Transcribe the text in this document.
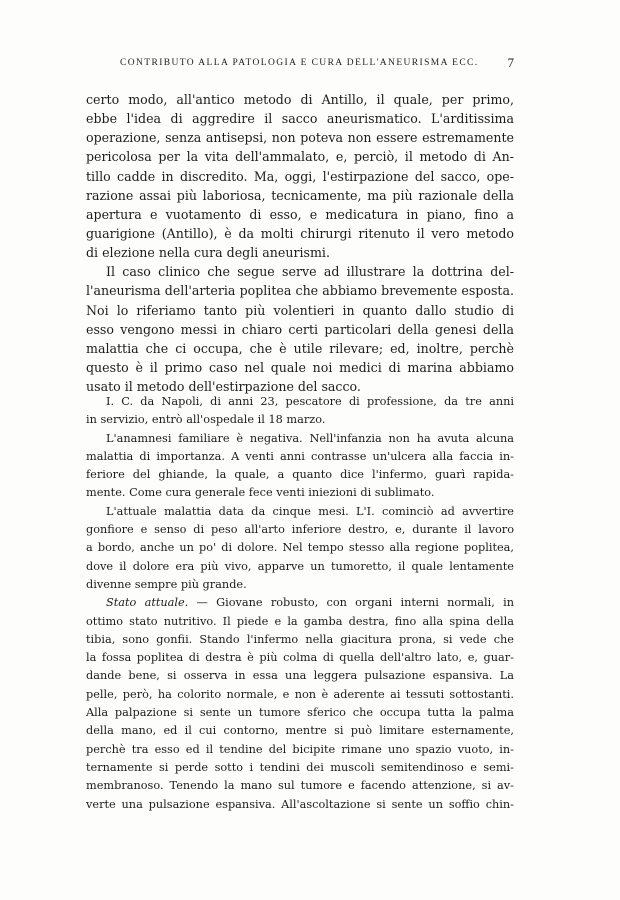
CONTRIBUTO ALLA PATOLOGIA E CURA DELL'ANEURISMA ECC. 7
certo modo, all'antico metodo di Antillo, il quale, per primo,
ebbe l'idea di aggredire il sacco aneurismatico. L'arditissima
operazione, senza antisepsi, non poteva non essere estremamente
pericolosa per la vita dell'ammalato, e, perciò, il metodo di An-
tillo cadde in discredito. Ma, oggi, l'estirpazione del sacco, ope-
razione assai più laboriosa, tecnicamente, ma più razionale della
apertura e vuotamento di esso, e medicatura in piano, fino a
guarigione (Antillo), è da molti chirurgi ritenuto il vero metodo
di elezione nella cura degli aneurismi.
Il caso clinico che segue serve ad illustrare la dottrina del-
l'aneurisma dell'arteria poplitea che abbiamo brevemente esposta.
Noi lo riferiamo tanto più volentieri in quanto dallo studio di
esso vengono messi in chiaro certi particolari della genesi della
malattia che ci occupa, che è utile rilevare; ed, inoltre, perchè
questo è il primo caso nel quale noi medici di marina abbiamo
usato il metodo dell'estirpazione del sacco.
I. C. da Napoli, di anni 23, pescatore di professione, da tre anni
in servizio, entrò all'ospedale il 18 marzo.
L'anamnesi familiare è negativa. Nell'infanzia non ha avuta alcuna
malattia di importanza. A venti anni contrasse un'ulcera alla faccia in-
feriore del ghiande, la quale, a quanto dice l'infermo, guarì rapida-
mente. Come cura generale fece venti iniezioni di sublimato.
L'attuale malattia data da cinque mesi. L'I. cominciò ad avvertire
gonfiore e senso di peso all'arto inferiore destro, e, durante il lavoro
a bordo, anche un po' di dolore. Nel tempo stesso alla regione poplitea,
dove il dolore era più vivo, apparve un tumoretto, il quale lentamente
divenne sempre più grande.
Stato attuale. — Giovane robusto, con organi interni normali, in
ottimo stato nutritivo. Il piede e la gamba destra, fino alla spina della
tibia, sono gonfii. Stando l'infermo nella giacitura prona, si vede che
la fossa poplitea di destra è più colma di quella dell'altro lato, e, guar-
dande bene, si osserva in essa una leggera pulsazione espansiva. La
pelle, però, ha colorito normale, e non è aderente ai tessuti sottostanti.
Alla palpazione si sente un tumore sferico che occupa tutta la palma
della mano, ed il cui contorno, mentre si può limitare esternamente,
perchè tra esso ed il tendine del bicipite rimane uno spazio vuoto, in-
ternamente si perde sotto i tendini dei muscoli semitendinoso e semi-
membranoso. Tenendo la mano sul tumore e facendo attenzione, si av-
verte una pulsazione espansiva. All'ascoltazione si sente un soffio chin-
